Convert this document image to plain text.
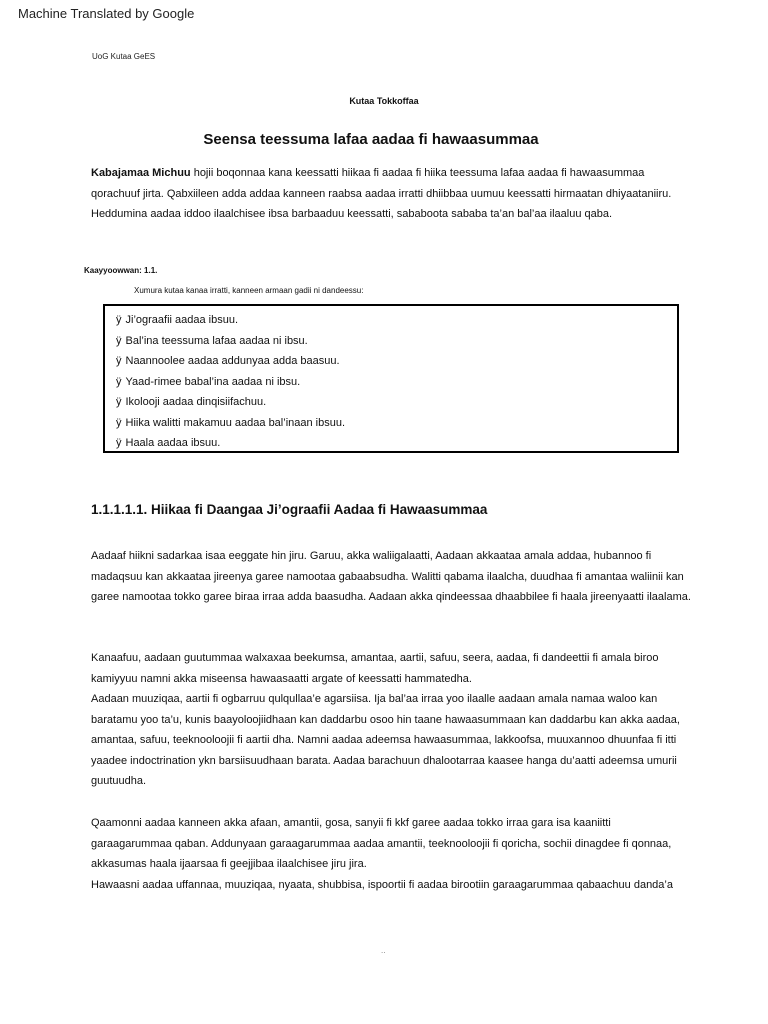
Machine Translated by Google
UoG Kutaa GeES
Kutaa Tokkoffaa
Seensa teessuma lafaa aadaa fi hawaasummaa
Kabajamaa Michuu hojii boqonnaa kana keessatti hiikaa fi aadaa fi hiika teessuma lafaa aadaa fi hawaasummaa qorachuuf jirta. Qabxiileen adda addaa kanneen raabsa aadaa irratti dhiibbaa uumuu keessatti hirmaatan dhiyaataniiru. Heddumina aadaa iddoo ilaalchisee ibsa barbaaduu keessatti, sababoota sababa ta’an bal’aa ilaaluu qaba.
Kaayyoowwan: 1.1.
Xumura kutaa kanaa irratti, kanneen armaan gadii ni dandeessu:
ÿ Ji’ograafii aadaa ibsuu.
ÿ Bal’ina teessuma lafaa aadaa ni ibsu.
ÿ Naannoolee aadaa addunyaa adda baasuu.
ÿ Yaad-rimee babal’ina aadaa ni ibsu.
ÿ Ikolooji aadaa dinqisiifachuu.
ÿ Hiika walitti makamuu aadaa bal’inaan ibsuu.
ÿ Haala aadaa ibsuu.
1.1.1.1.1. Hiikaa fi Daangaa Ji’ograafii Aadaa fi Hawaasummaa
Aadaaf hiikni sadarkaa isaa eeggate hin jiru. Garuu, akka waliigalaatti, Aadaan akkaataa amala addaa, hubannoo fi madaqsuu kan akkaataa jireenya garee namootaa gabaabsudha. Walitti qabama ilaalcha, duudhaa fi amantaa waliinii kan garee namootaa tokko garee biraa irraa adda baasudha. Aadaan akka qindeessaa dhaabbilee fi haala jireenyaatti ilaalama.
Kanaafuu, aadaan guutummaa walxaxaa beekumsa, amantaa, aartii, safuu, seera, aadaa, fi dandeettii fi amala biroo kamiyyuu namni akka miseensa hawaasaatti argate of keessatti hammatedha.
Aadaan muuziqaa, aartii fi ogbarruu qulqullaa’e agarsiisa. Ija bal’aa irraa yoo ilaalle aadaan amala namaa waloo kan baratamu yoo ta’u, kunis baayoloojiidhaan kan daddarbu osoo hin taane hawaasummaan kan daddarbu kan akka aadaa, amantaa, safuu, teeknooloojii fi aartii dha. Namni aadaa adeemsa hawaasummaa, lakkoofsa, muuxannoo dhuunfaa fi itti yaadee indoctrination ykn barsiisuudhaan barata. Aadaa barachuun dhalootarraa kaasee hanga du’aatti adeemsa umurii guutuudha.
Qaamonni aadaa kanneen akka afaan, amantii, gosa, sanyii fi kkf garee aadaa tokko irraa gara isa kaaniitti garaagarummaa qaban. Addunyaan garaagarummaa aadaa amantii, teeknooloojii fi qoricha, sochii dinagdee fi qonnaa, akkasumas haala ijaarsaa fi geejjibaa ilaalchisee jiru jira.
Hawaasni aadaa uffannaa, muuziqaa, nyaata, shubbisa, ispoortii fi aadaa birootiin garaagarummaa qabaachuu danda’a
..
